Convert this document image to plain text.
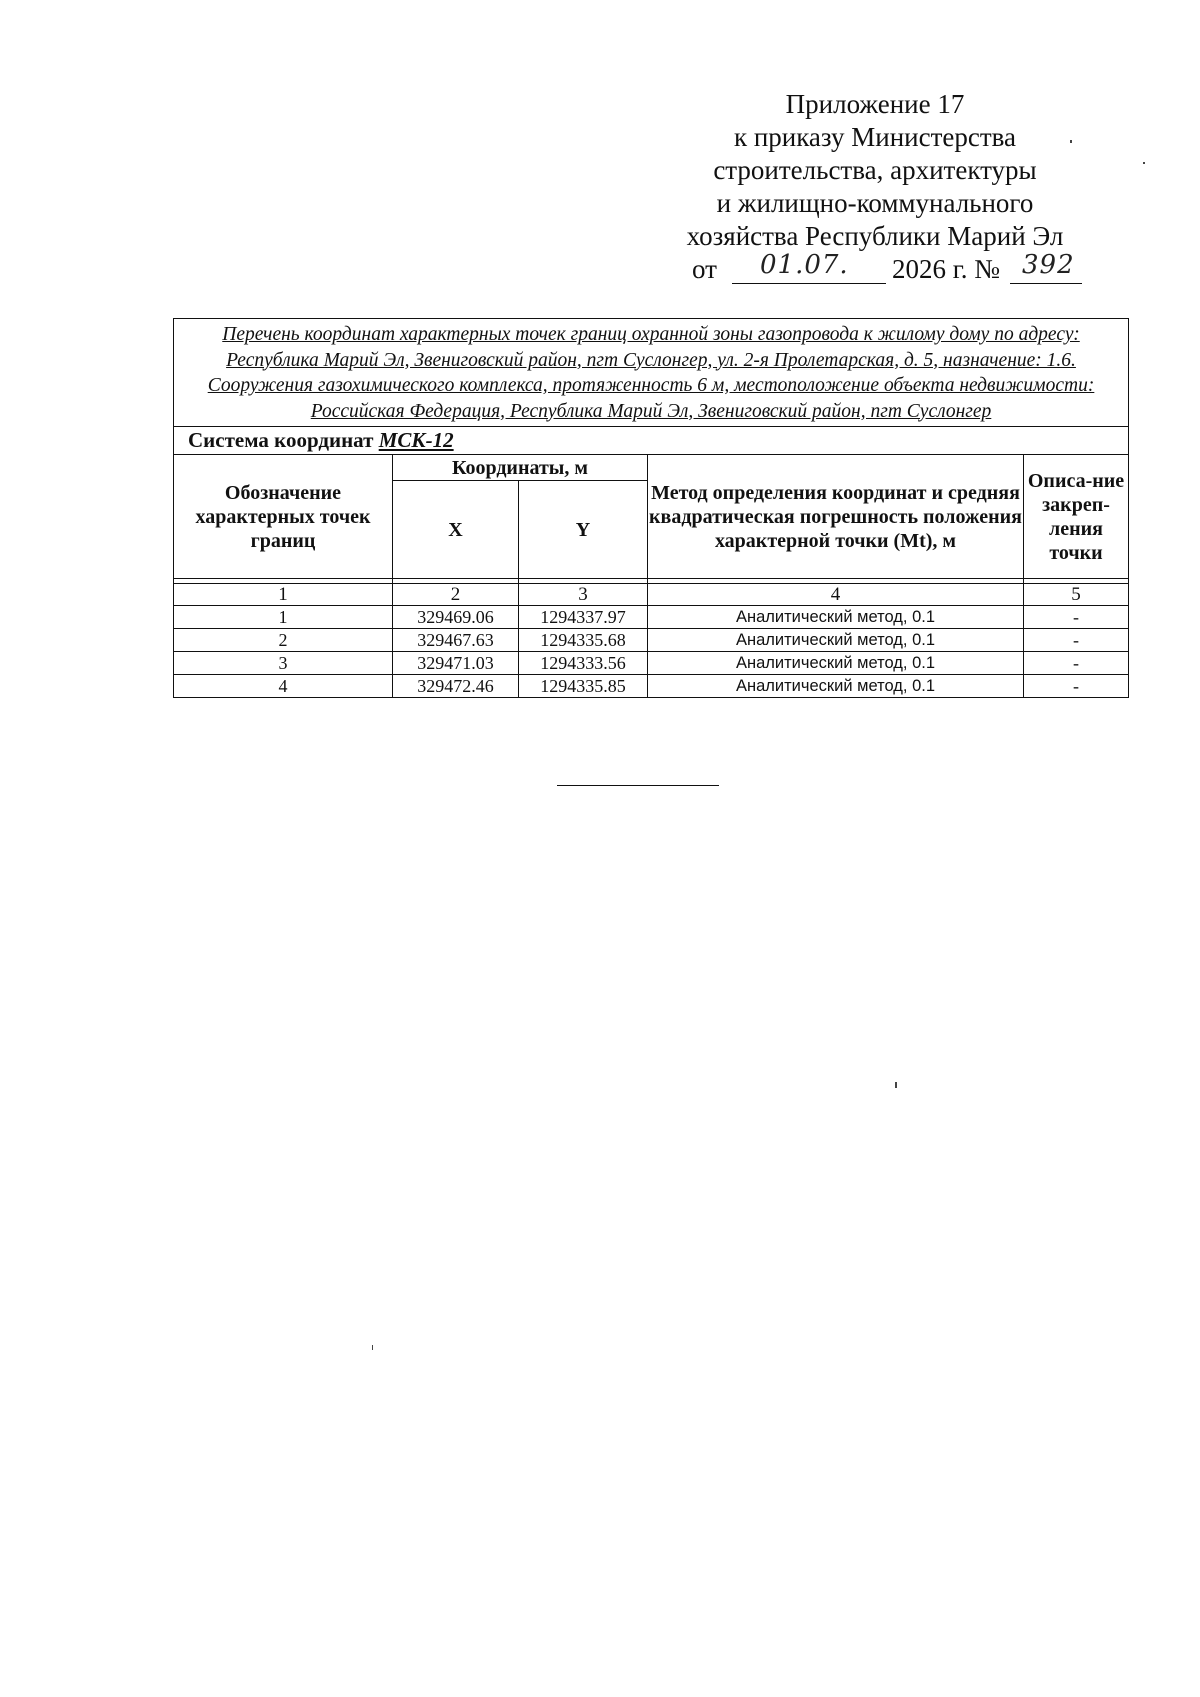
Приложение 17
к приказу Министерства
строительства, архитектуры
и жилищно-коммунального
хозяйства Республики Марий Эл
от 01.07. 2026 г. № 392
Перечень координат характерных точек границ охранной зоны газопровода к жилому дому по адресу: Республика Марий Эл, Звениговский район, пгт Суслонгер, ул. 2-я Пролетарская, д. 5, назначение: 1.6. Сооружения газохимического комплекса, протяженность 6 м, местоположение объекта недвижимости: Российская Федерация, Республика Марий Эл, Звениговский район, пгт Суслонгер				
Система координат МСК-12				
Обозначение характерных точек границ	Координаты, м		Метод определения координат и средняя квадратическая погрешность положения характерной точки (Mt), м	Описа-ние закреп-ления точки
	X	Y		

1	2	3	4	5
1	329469.06	1294337.97	Аналитический метод, 0.1	-
2	329467.63	1294335.68	Аналитический метод, 0.1	-
3	329471.03	1294333.56	Аналитический метод, 0.1	-
4	329472.46	1294335.85	Аналитический метод, 0.1	-
